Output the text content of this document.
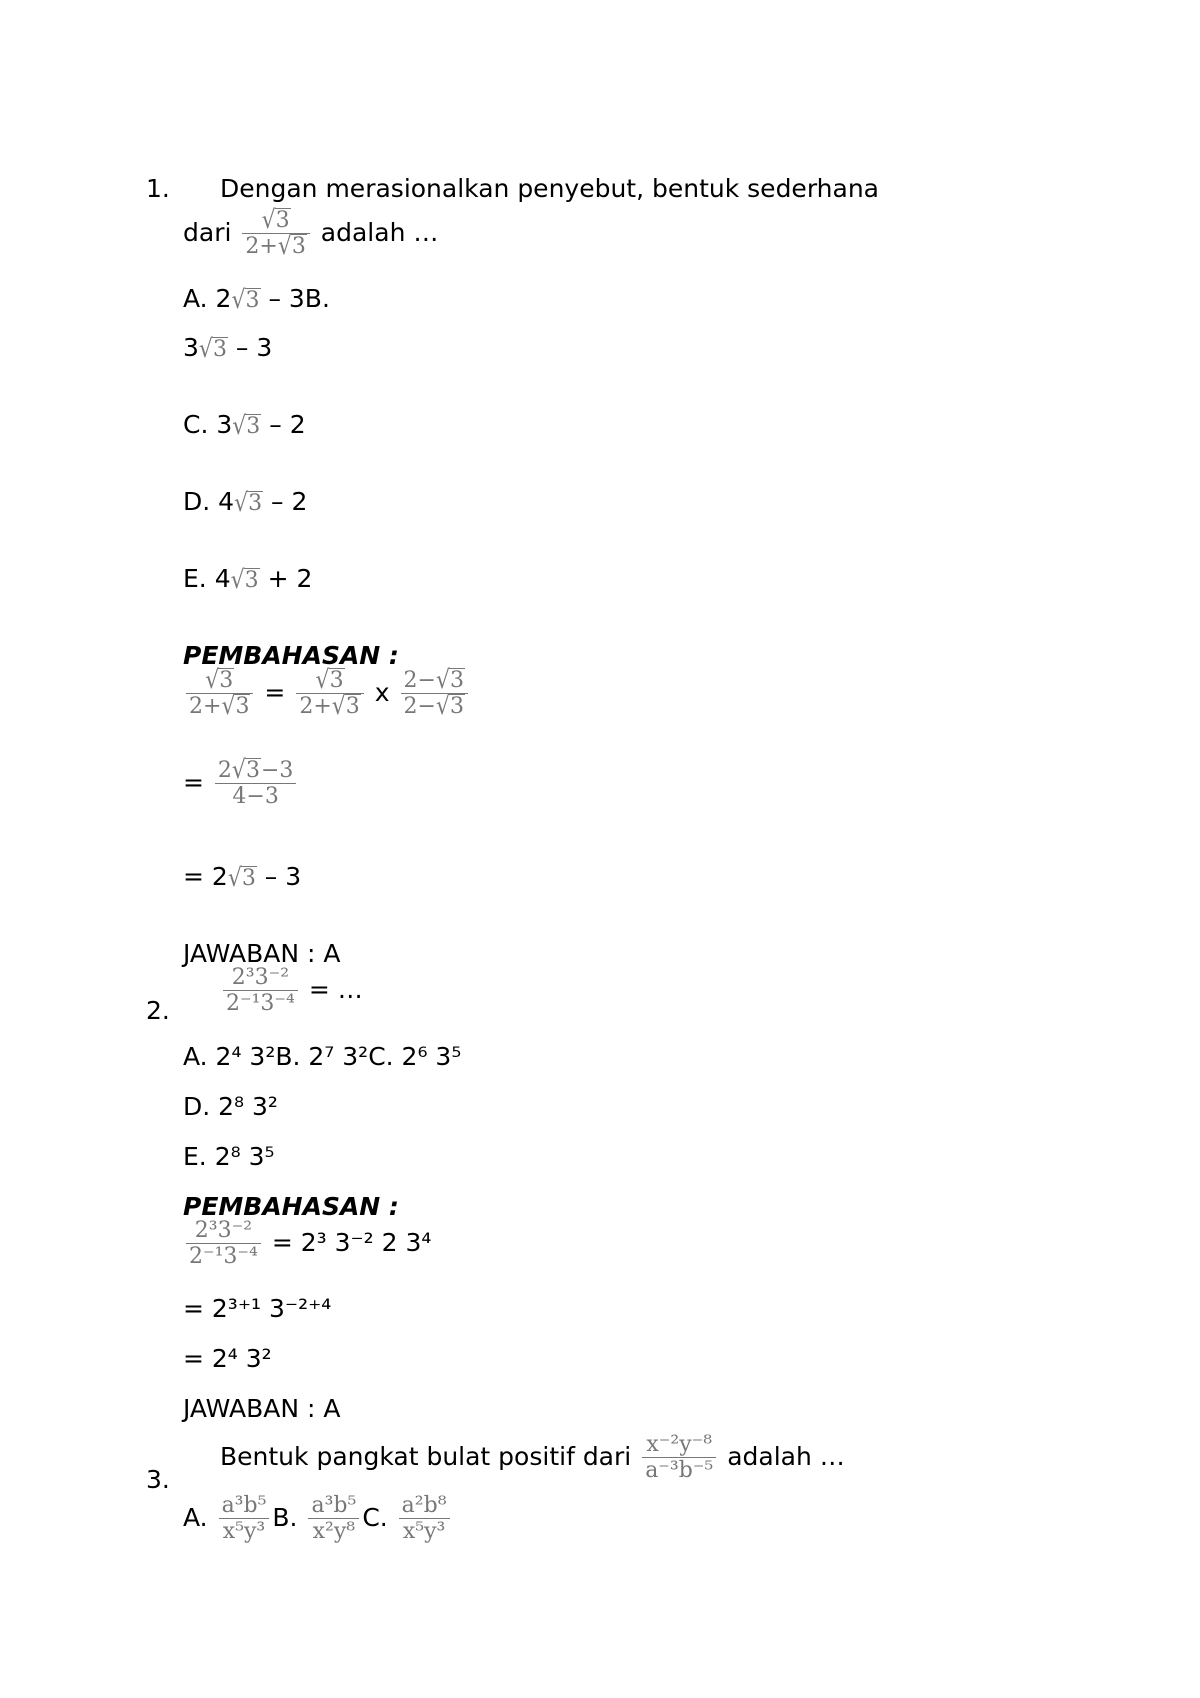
1. Dengan merasionalkan penyebut, bentuk sederhana
dari $\frac{√3}{2+√3}$ adalah …
A. 2√3 – 3B.
3√3 – 3
C. 3√3 – 2
D. 4√3 – 2
E. 4√3 + 2
PEMBAHASAN :
$\frac{√3}{2+√3} = \frac{√3}{2+√3}$ x $\frac{2-√3}{2-√3}$
= $\frac{2√3-3}{4-3}$
= 2√3 – 3
JAWABAN : A
2. $\frac{\text{2³3⁻²}}{\text{2⁻¹3⁻⁴}}$ = …
A. 2⁴ 3²B. 2⁷ 3²C. 2⁶ 3⁵
D. 2⁸ 3²
E. 2⁸ 3⁵
PEMBAHASAN :
$\frac{\text{2³3⁻²}}{\text{2⁻¹3⁻⁴}} = 2^3$ 3⁻² 2 3⁴
= 2³⁺¹ 3⁻²⁺⁴
= 2⁴ 3²
JAWABAN : A
3.
Bentuk pangkat bulat positif dari $\frac{\text{x⁻²y⁻⁸}}{\text{a⁻³b⁻⁵}}$ adalah …
A. $\frac{\text{a³b⁵}}{\text{x⁵y³}} B$. $\frac{\text{a³b⁵}}{\text{x²y⁸}} C$. $\frac{\text{a²b⁸}}{\text{x⁵y³}}$
